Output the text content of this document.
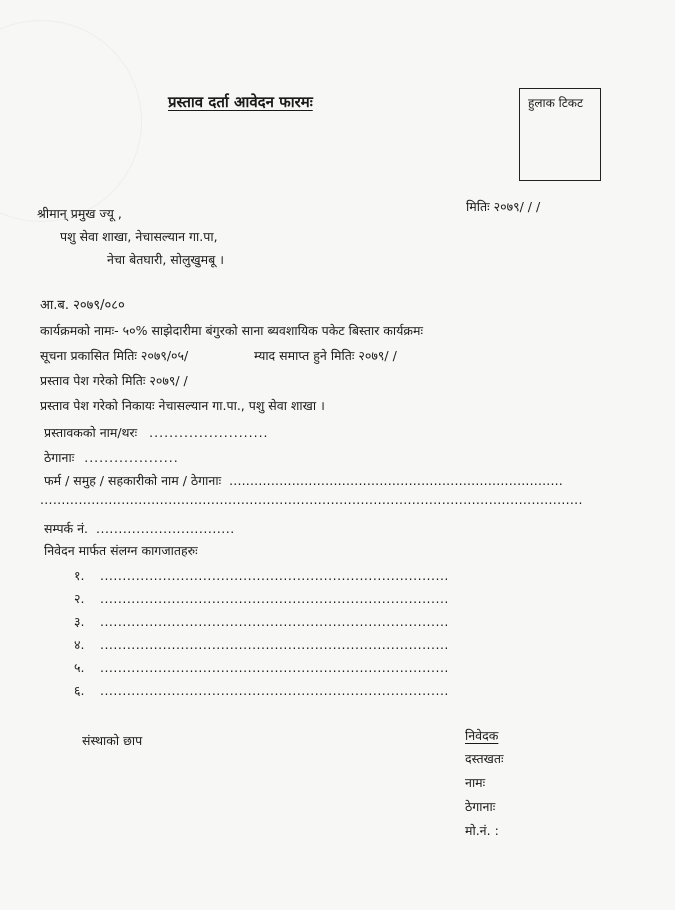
प्रस्ताव दर्ता आवेदन फारमः	हुलाक टिकट
मितिः २०७९/ / /
श्रीमान् प्रमुख ज्यू ,
पशु सेवा शाखा, नेचासल्यान गा.पा,
नेचा बेतघारी, सोलुखुमबू ।
आ.ब. २०७९/०८०
कार्यक्रमको नामः- ५०% साझेदारीमा बंगुरको साना ब्यवशायिक पकेट बिस्तार कार्यक्रमः
सूचना प्रकासित मितिः २०७९/०५/	म्याद समाप्त हुने मितिः २०७९/ /
प्रस्ताव पेश गरेको मितिः २०७९/ /
प्रस्ताव पेश गरेको निकायः नेचासल्यान गा.पा., पशु सेवा शाखा ।
प्रस्तावकको नाम/थरः ........................
ठेगानाः ...................
फर्म / समुह / सहकारीको नाम / ठेगानाः ................................................................................
...............................................................................................................................
सम्पर्क नं. ...............................
निवेदन मार्फत संलग्न कागजातहरुः
१. ..............................................................................
२. ..............................................................................
३. ..............................................................................
४. ..............................................................................
५. ..............................................................................
६. ..............................................................................
संस्थाको छाप	निवेदक
दस्तखतः
नामः
ठेगानाः
मो.नं. :
